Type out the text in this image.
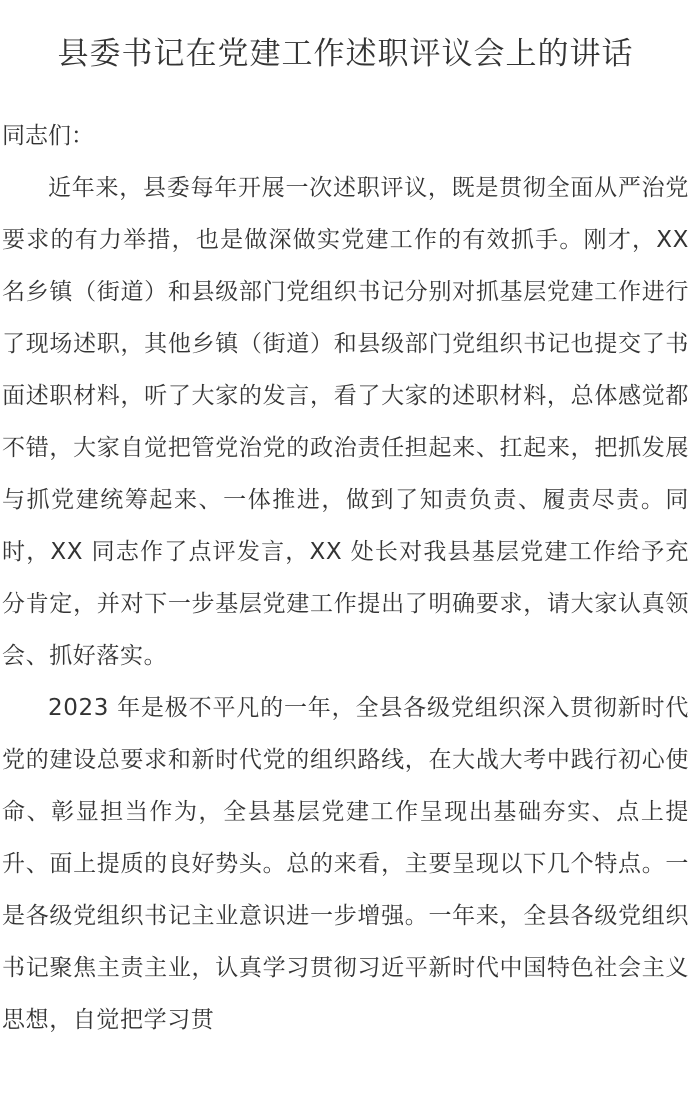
县委书记在党建工作述职评议会上的讲话

同志们：

近年来，县委每年开展一次述职评议，既是贯彻全面从严治党要求的有力举措，也是做深做实党建工作的有效抓手。刚才，XX 名乡镇（街道）和县级部门党组织书记分别对抓基层党建工作进行了现场述职，其他乡镇（街道）和县级部门党组织书记也提交了书面述职材料，听了大家的发言，看了大家的述职材料，总体感觉都不错，大家自觉把管党治党的政治责任担起来、扛起来，把抓发展与抓党建统筹起来、一体推进，做到了知责负责、履责尽责。同时，XX 同志作了点评发言，XX 处长对我县基层党建工作给予充分肯定，并对下一步基层党建工作提出了明确要求，请大家认真领会、抓好落实。

2023 年是极不平凡的一年，全县各级党组织深入贯彻新时代党的建设总要求和新时代党的组织路线，在大战大考中践行初心使命、彰显担当作为，全县基层党建工作呈现出基础夯实、点上提升、面上提质的良好势头。总的来看，主要呈现以下几个特点。一是各级党组织书记主业意识进一步增强。一年来，全县各级党组织书记聚焦主责主业，认真学习贯彻习近平新时代中国特色社会主义思想，自觉把学习贯
